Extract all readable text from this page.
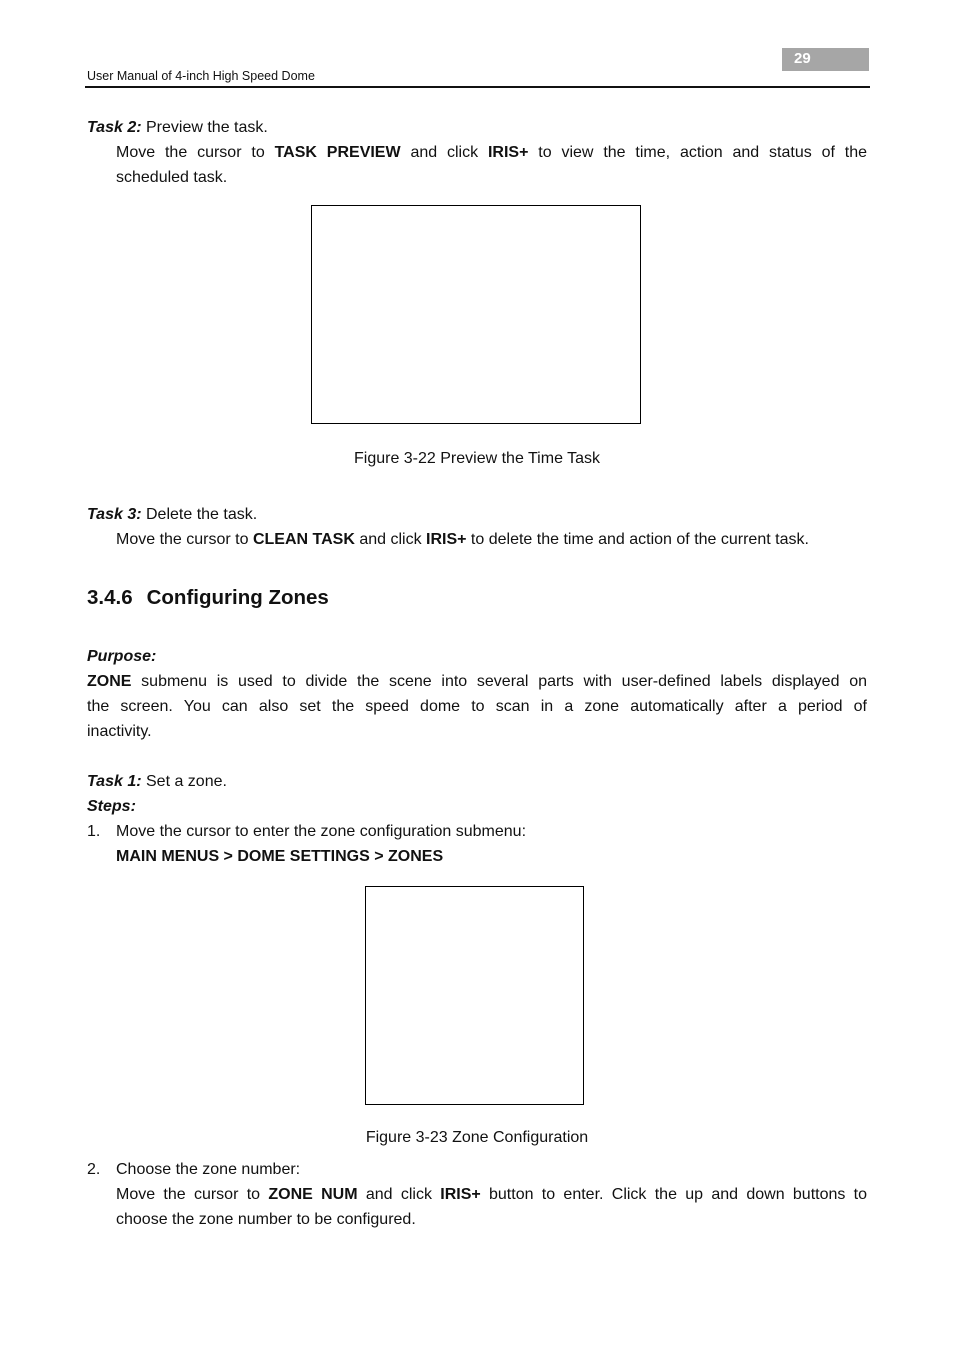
29
User Manual of 4-inch High Speed Dome
Task 2: Preview the task.
Move the cursor to TASK PREVIEW and click IRIS+ to view the time, action and status of the
scheduled task.
Figure 3-22 Preview the Time Task
Task 3: Delete the task.
Move the cursor to CLEAN TASK and click IRIS+ to delete the time and action of the current task.
3.4.6 Configuring Zones
Purpose:
ZONE submenu is used to divide the scene into several parts with user-defined labels displayed on
the screen. You can also set the speed dome to scan in a zone automatically after a period of
inactivity.
Task 1: Set a zone.
Steps:
1. Move the cursor to enter the zone configuration submenu:
MAIN MENUS > DOME SETTINGS > ZONES
Figure 3-23 Zone Configuration
2. Choose the zone number:
Move the cursor to ZONE NUM and click IRIS+ button to enter. Click the up and down buttons to
choose the zone number to be configured.
